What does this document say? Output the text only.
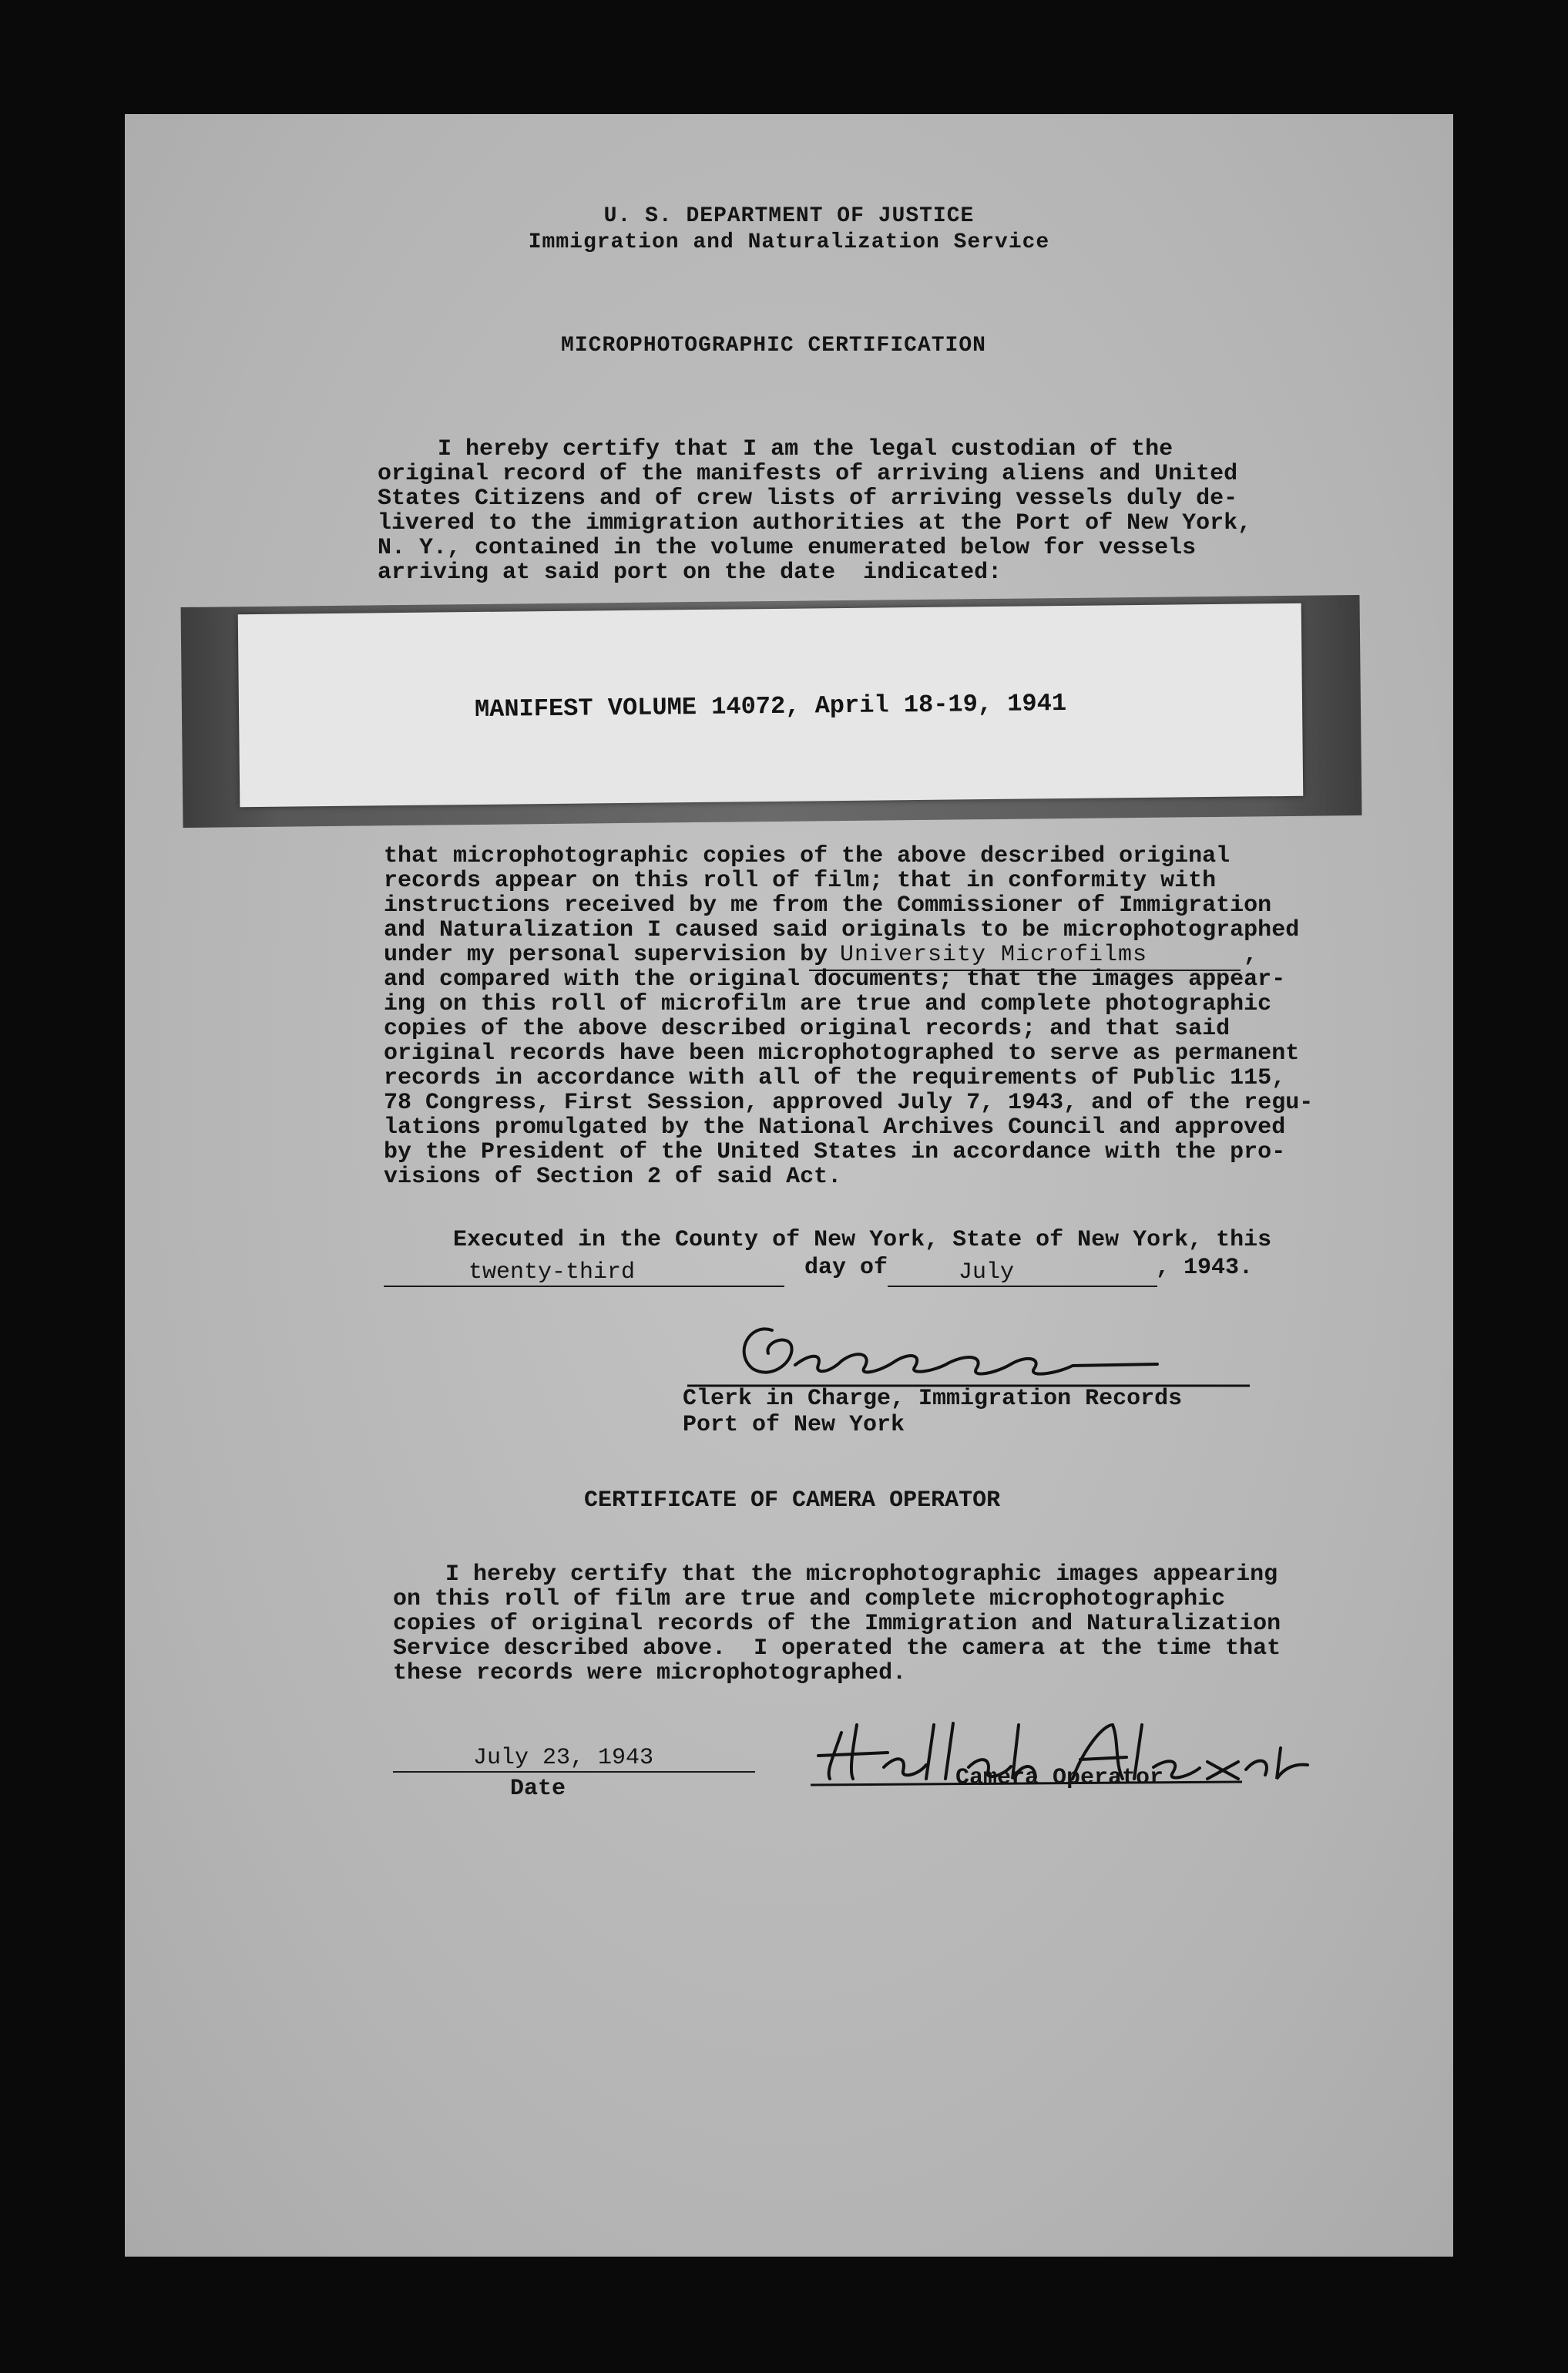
U. S. DEPARTMENT OF JUSTICE
Immigration and Naturalization Service
MICROPHOTOGRAPHIC CERTIFICATION
I hereby certify that I am the legal custodian of the
original record of the manifests of arriving aliens and United
States Citizens and of crew lists of arriving vessels duly de-
livered to the immigration authorities at the Port of New York,
N. Y., contained in the volume enumerated below for vessels
arriving at said port on the date  indicated:
MANIFEST VOLUME 14072, April 18-19, 1941
that microphotographic copies of the above described original
records appear on this roll of film; that in conformity with
instructions received by me from the Commissioner of Immigration
and Naturalization I caused said originals to be microphotographed
under my personal supervision by University Microfilms	,
and compared with the original documents; that the images appear-
ing on this roll of microfilm are true and complete photographic
copies of the above described original records; and that said
original records have been microphotographed to serve as permanent
records in accordance with all of the requirements of Public 115,
78 Congress, First Session, approved July 7, 1943, and of the regu-
lations promulgated by the National Archives Council and approved
by the President of the United States in accordance with the pro-
visions of Section 2 of said Act.
Executed in the County of New York, State of New York, this
twenty-third	day of	July	, 1943.
Clerk in Charge, Immigration Records
Port of New York
CERTIFICATE OF CAMERA OPERATOR
I hereby certify that the microphotographic images appearing
on this roll of film are true and complete microphotographic
copies of original records of the Immigration and Naturalization
Service described above.  I operated the camera at the time that
these records were microphotographed.
July 23, 1943
Date	Camera Operator
